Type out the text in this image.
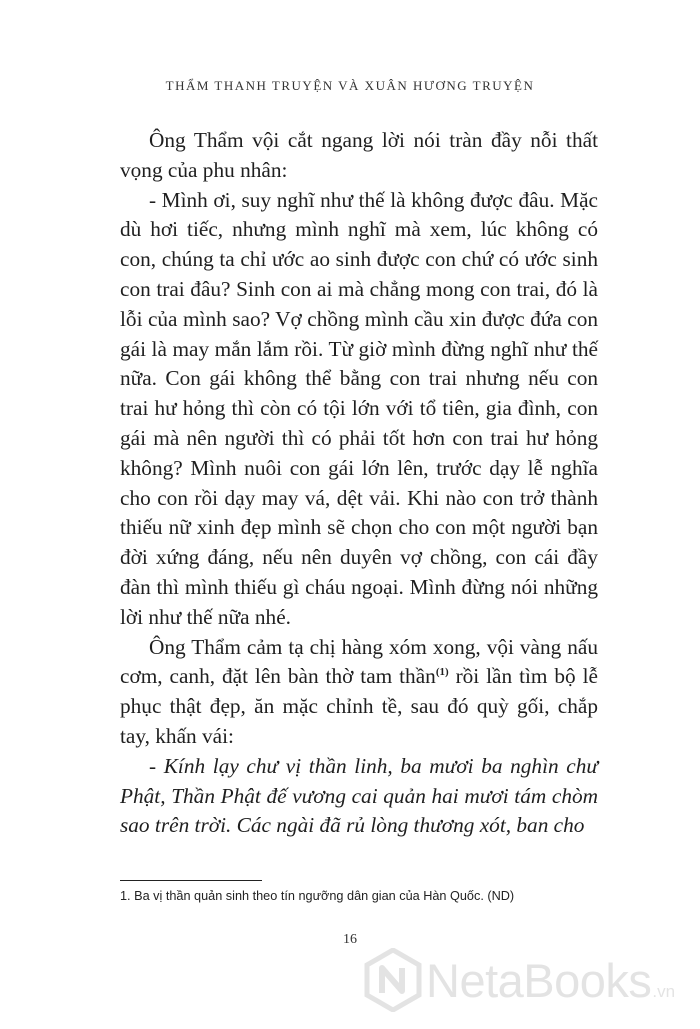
THẨM THANH TRUYỆN VÀ XUÂN HƯƠNG TRUYỆN

Ông Thẩm vội cắt ngang lời nói tràn đầy nỗi thất vọng của phu nhân:

- Mình ơi, suy nghĩ như thế là không được đâu. Mặc dù hơi tiếc, nhưng mình nghĩ mà xem, lúc không có con, chúng ta chỉ ước ao sinh được con chứ có ước sinh con trai đâu? Sinh con ai mà chẳng mong con trai, đó là lỗi của mình sao? Vợ chồng mình cầu xin được đứa con gái là may mắn lắm rồi. Từ giờ mình đừng nghĩ như thế nữa. Con gái không thể bằng con trai nhưng nếu con trai hư hỏng thì còn có tội lớn với tổ tiên, gia đình, con gái mà nên người thì có phải tốt hơn con trai hư hỏng không? Mình nuôi con gái lớn lên, trước dạy lễ nghĩa cho con rồi dạy may vá, dệt vải. Khi nào con trở thành thiếu nữ xinh đẹp mình sẽ chọn cho con một người bạn đời xứng đáng, nếu nên duyên vợ chồng, con cái đầy đàn thì mình thiếu gì cháu ngoại. Mình đừng nói những lời như thế nữa nhé.

Ông Thẩm cảm tạ chị hàng xóm xong, vội vàng nấu cơm, canh, đặt lên bàn thờ tam thần$^{(1)}$ rồi lần tìm bộ lễ phục thật đẹp, ăn mặc chỉnh tề, sau đó quỳ gối, chắp tay, khấn vái:

- Kính lạy chư vị thần linh, ba mươi ba nghìn chư Phật, Thần Phật đế vương cai quản hai mươi tám chòm sao trên trời. Các ngài đã rủ lòng thương xót, ban cho

1. Ba vị thần quản sinh theo tín ngưỡng dân gian của Hàn Quốc. (ND)
16
NetaBooks .vn
